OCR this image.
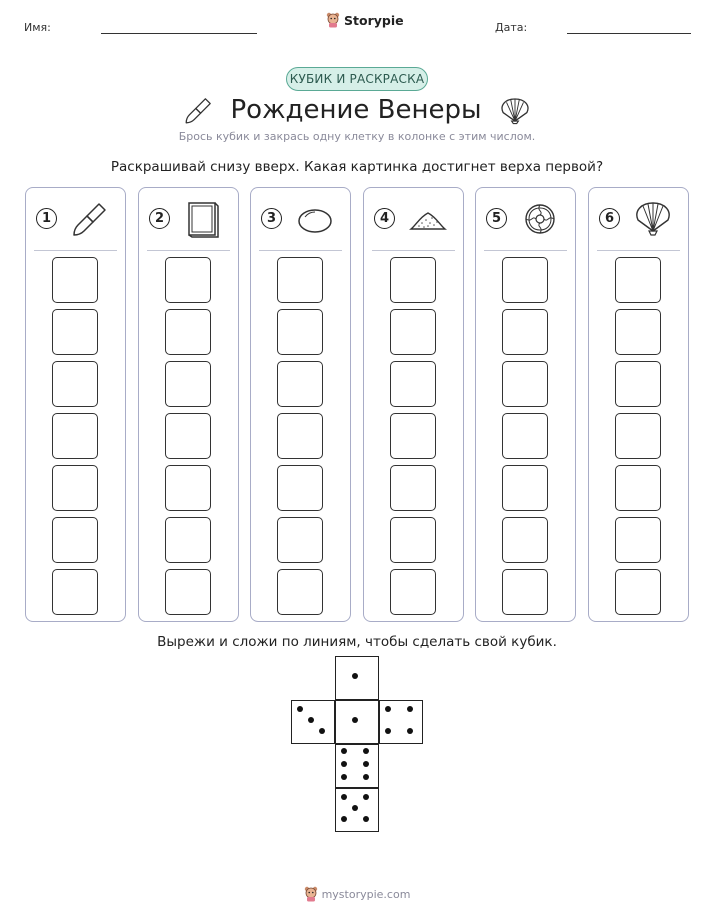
Имя:	Storypie	Дата:
КУБИК И РАСКРАСКА
Рождение Венеры
Брось кубик и закрась одну клетку в колонке с этим числом.
Раскрашивай снизу вверх. Какая картинка достигнет верха первой?
1	2	3	4	5	6
Вырежи и сложи по линиям, чтобы сделать свой кубик.
mystorypie.com
